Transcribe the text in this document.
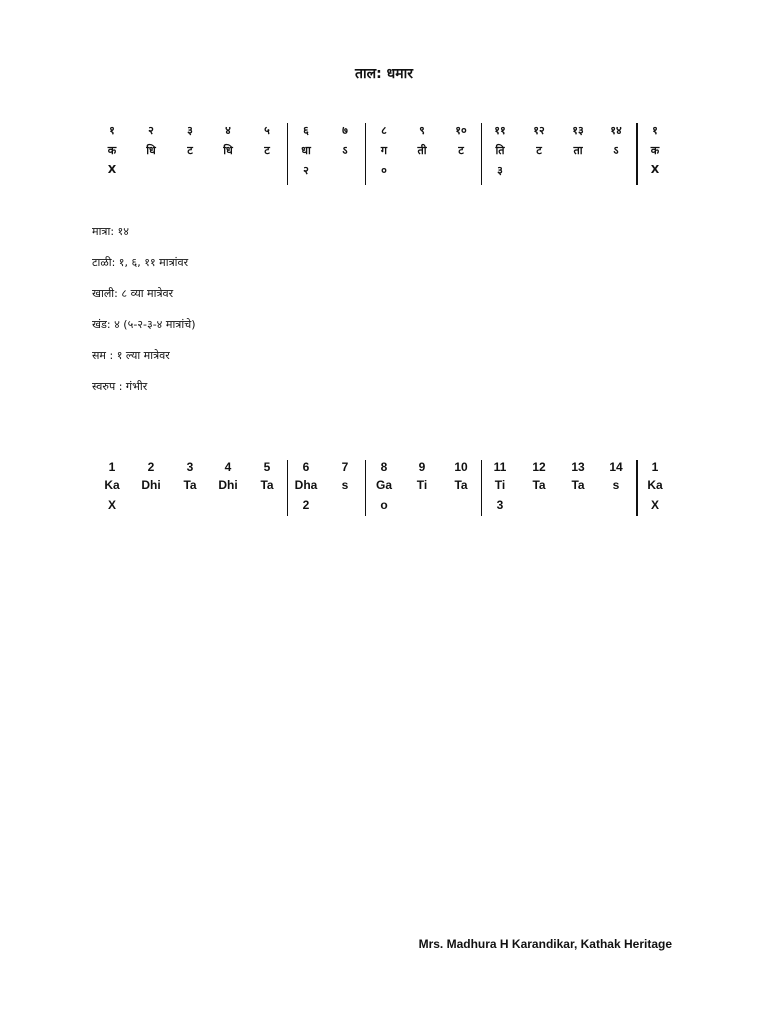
ताल: धमार
१
क
X
२
धि
३
ट
४
धि
५
ट
६
धा
२
७
ऽ
८
ग
०
९
ती
१०
ट
११
ति
३
१२
ट
१३
ता
१४
ऽ
१
क
X
मात्रा: १४
टाळी: १, ६, ११ मात्रांवर
खाली: ८ व्या मात्रेवर
खंड: ४ (५-२-३-४ मात्रांचे)
सम : १ ल्या मात्रेवर
स्वरुप : गंभीर
1
Ka
X
2
Dhi
3
Ta
4
Dhi
5
Ta
6
Dha
2
7
s
8
Ga
o
9
Ti
10
Ta
11
Ti
3
12
Ta
13
Ta
14
s
1
Ka
X
Mrs. Madhura H Karandikar, Kathak Heritage
